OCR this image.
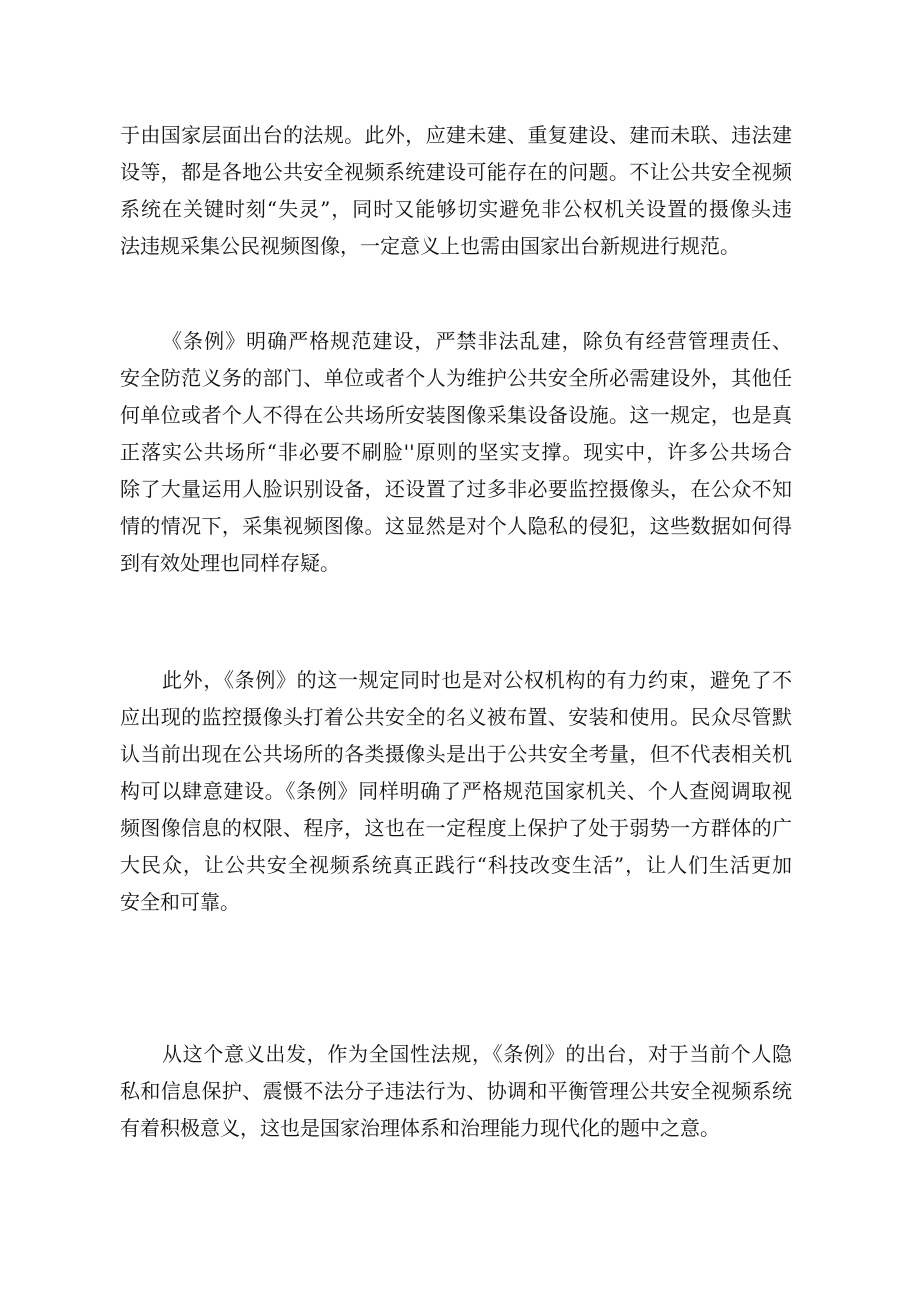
于由国家层面出台的法规。此外，应建未建、重复建设、建而未联、违法建
设等，都是各地公共安全视频系统建设可能存在的问题。不让公共安全视频
系统在关键时刻“失灵”，同时又能够切实避免非公权机关设置的摄像头违
法违规采集公民视频图像，一定意义上也需由国家出台新规进行规范。
《条例》明确严格规范建设，严禁非法乱建，除负有经营管理责任、
安全防范义务的部门、单位或者个人为维护公共安全所必需建设外，其他任
何单位或者个人不得在公共场所安装图像采集设备设施。这一规定，也是真
正落实公共场所“非必要不刷脸''原则的坚实支撑。现实中，许多公共场合
除了大量运用人脸识别设备，还设置了过多非必要监控摄像头，在公众不知
情的情况下，采集视频图像。这显然是对个人隐私的侵犯，这些数据如何得
到有效处理也同样存疑。
此外，《条例》的这一规定同时也是对公权机构的有力约束，避免了不
应出现的监控摄像头打着公共安全的名义被布置、安装和使用。民众尽管默
认当前出现在公共场所的各类摄像头是出于公共安全考量，但不代表相关机
构可以肆意建设。《条例》同样明确了严格规范国家机关、个人查阅调取视
频图像信息的权限、程序，这也在一定程度上保护了处于弱势一方群体的广
大民众，让公共安全视频系统真正践行“科技改变生活”，让人们生活更加
安全和可靠。
从这个意义出发，作为全国性法规，《条例》的出台，对于当前个人隐
私和信息保护、震慑不法分子违法行为、协调和平衡管理公共安全视频系统
有着积极意义，这也是国家治理体系和治理能力现代化的题中之意。
